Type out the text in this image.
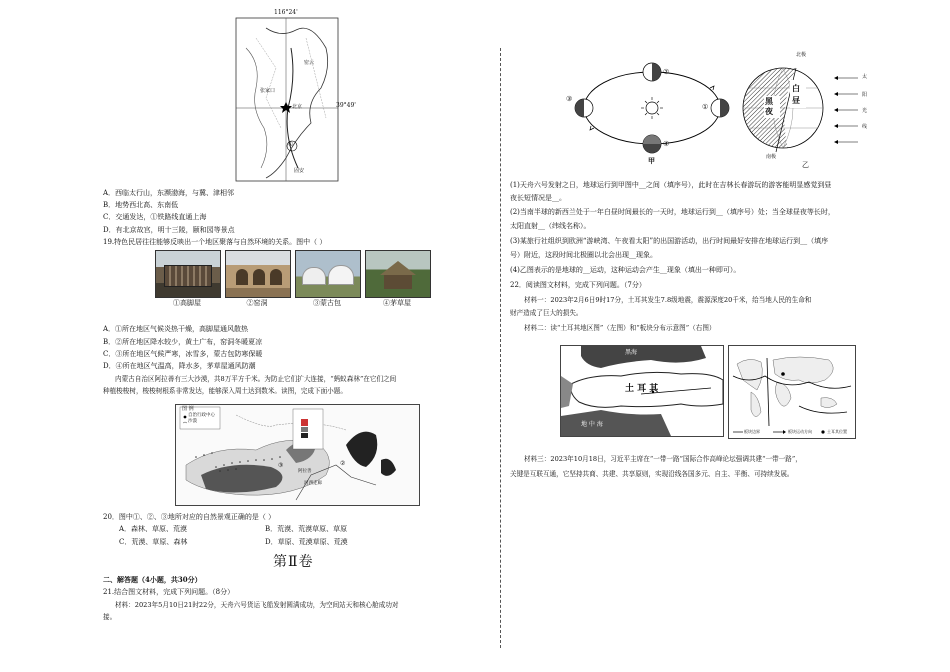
116°24'
39°49'
张家口
密云
北京
固安
①
A．西临太行山，东濒渤海，与冀、津相邻
B．地势西北高、东南低
C．交通发达，①铁路线直通上海
D．有北京故宫，明十三陵，颐和园等景点
19.特色民居往往能够反映出一个地区聚落与自然环境的关系。图中（ ）
①高脚屋	②窑洞	③蒙古包	④茅草屋
A．①所在地区气候炎热干燥，高脚屋通风散热
B．②所在地区降水较少，黄土广布，窑洞冬暖夏凉
C．③所在地区气候严寒，冰雪多，蒙古包防寒保暖
D．④所在地区气温高，降水多，茅草屋通风防潮
内蒙古自治区阿拉善有三大沙漠，共8万平方千米。为防止它们扩大连接，“蚂蚁森林”在它们之间
种植梭梭树，梭梭树根系非常发达，能够深入周土达到数米。读图，完成下面小题。
图 例
自治行政中心
沙漠
②
③
阿拉善
河西走廊
20．图中①、②、③地所对应的自然景观正确的是（ ）
A．森林、草原、荒漠	B．荒漠、荒漠草原、草原
C．荒漠、草原、森林	D．草原、荒漠草原、荒漠
第Ⅱ卷
二、解答题（4小题，共30分）
21.结合图文材料，完成下列问题。（8分）
材料：2023年5月10日21时22分，天舟六号货运飞船发射圆满成功，为空间站天和核心舱成功对
接。
①
②
③
④
甲
北极
南极
黑夜
白昼
太
阳
光
线
乙
(1)天舟六号发射之日，地球运行到甲图中__之间（填序号），此时在吉林长春游玩的游客能明显感觉到昼
夜长短情况是__。
(2)当南半球的新西兰处于一年白昼时间最长的一天时，地球运行到__（填序号）处；当全球昼夜等长时，
太阳直射__（纬线名称）。
(3)某旅行社组织到欧洲“游峡湾、午夜看太阳”的出国游活动，出行时间最好安排在地球运行到__（填序
号）附近，这段时间北极圈以北会出现__现象。
(4)乙图表示的是地球的__运动，这种运动会产生__现象（填出一种即可）。
22．阅读图文材料，完成下列问题。（7分）
材料一：2023年2月6日9时17分，土耳其发生7.8级地震，震源深度20千米，给当地人民的生命和
财产造成了巨大的损失。
材料二：读“土耳其地区图”（左图）和“板块分布示意图”（右图）
黑海
土 耳 其
地 中 海
板块边界	板块运动方向	土耳其位置
材料三：2023年10月18日，习近平主席在“一带一路”国际合作高峰论坛强调共建“一带一路”，
关键是互联互通，它坚持共商、共建、共享原则，实现沿线各国多元、自主、平衡、可持续发展。
